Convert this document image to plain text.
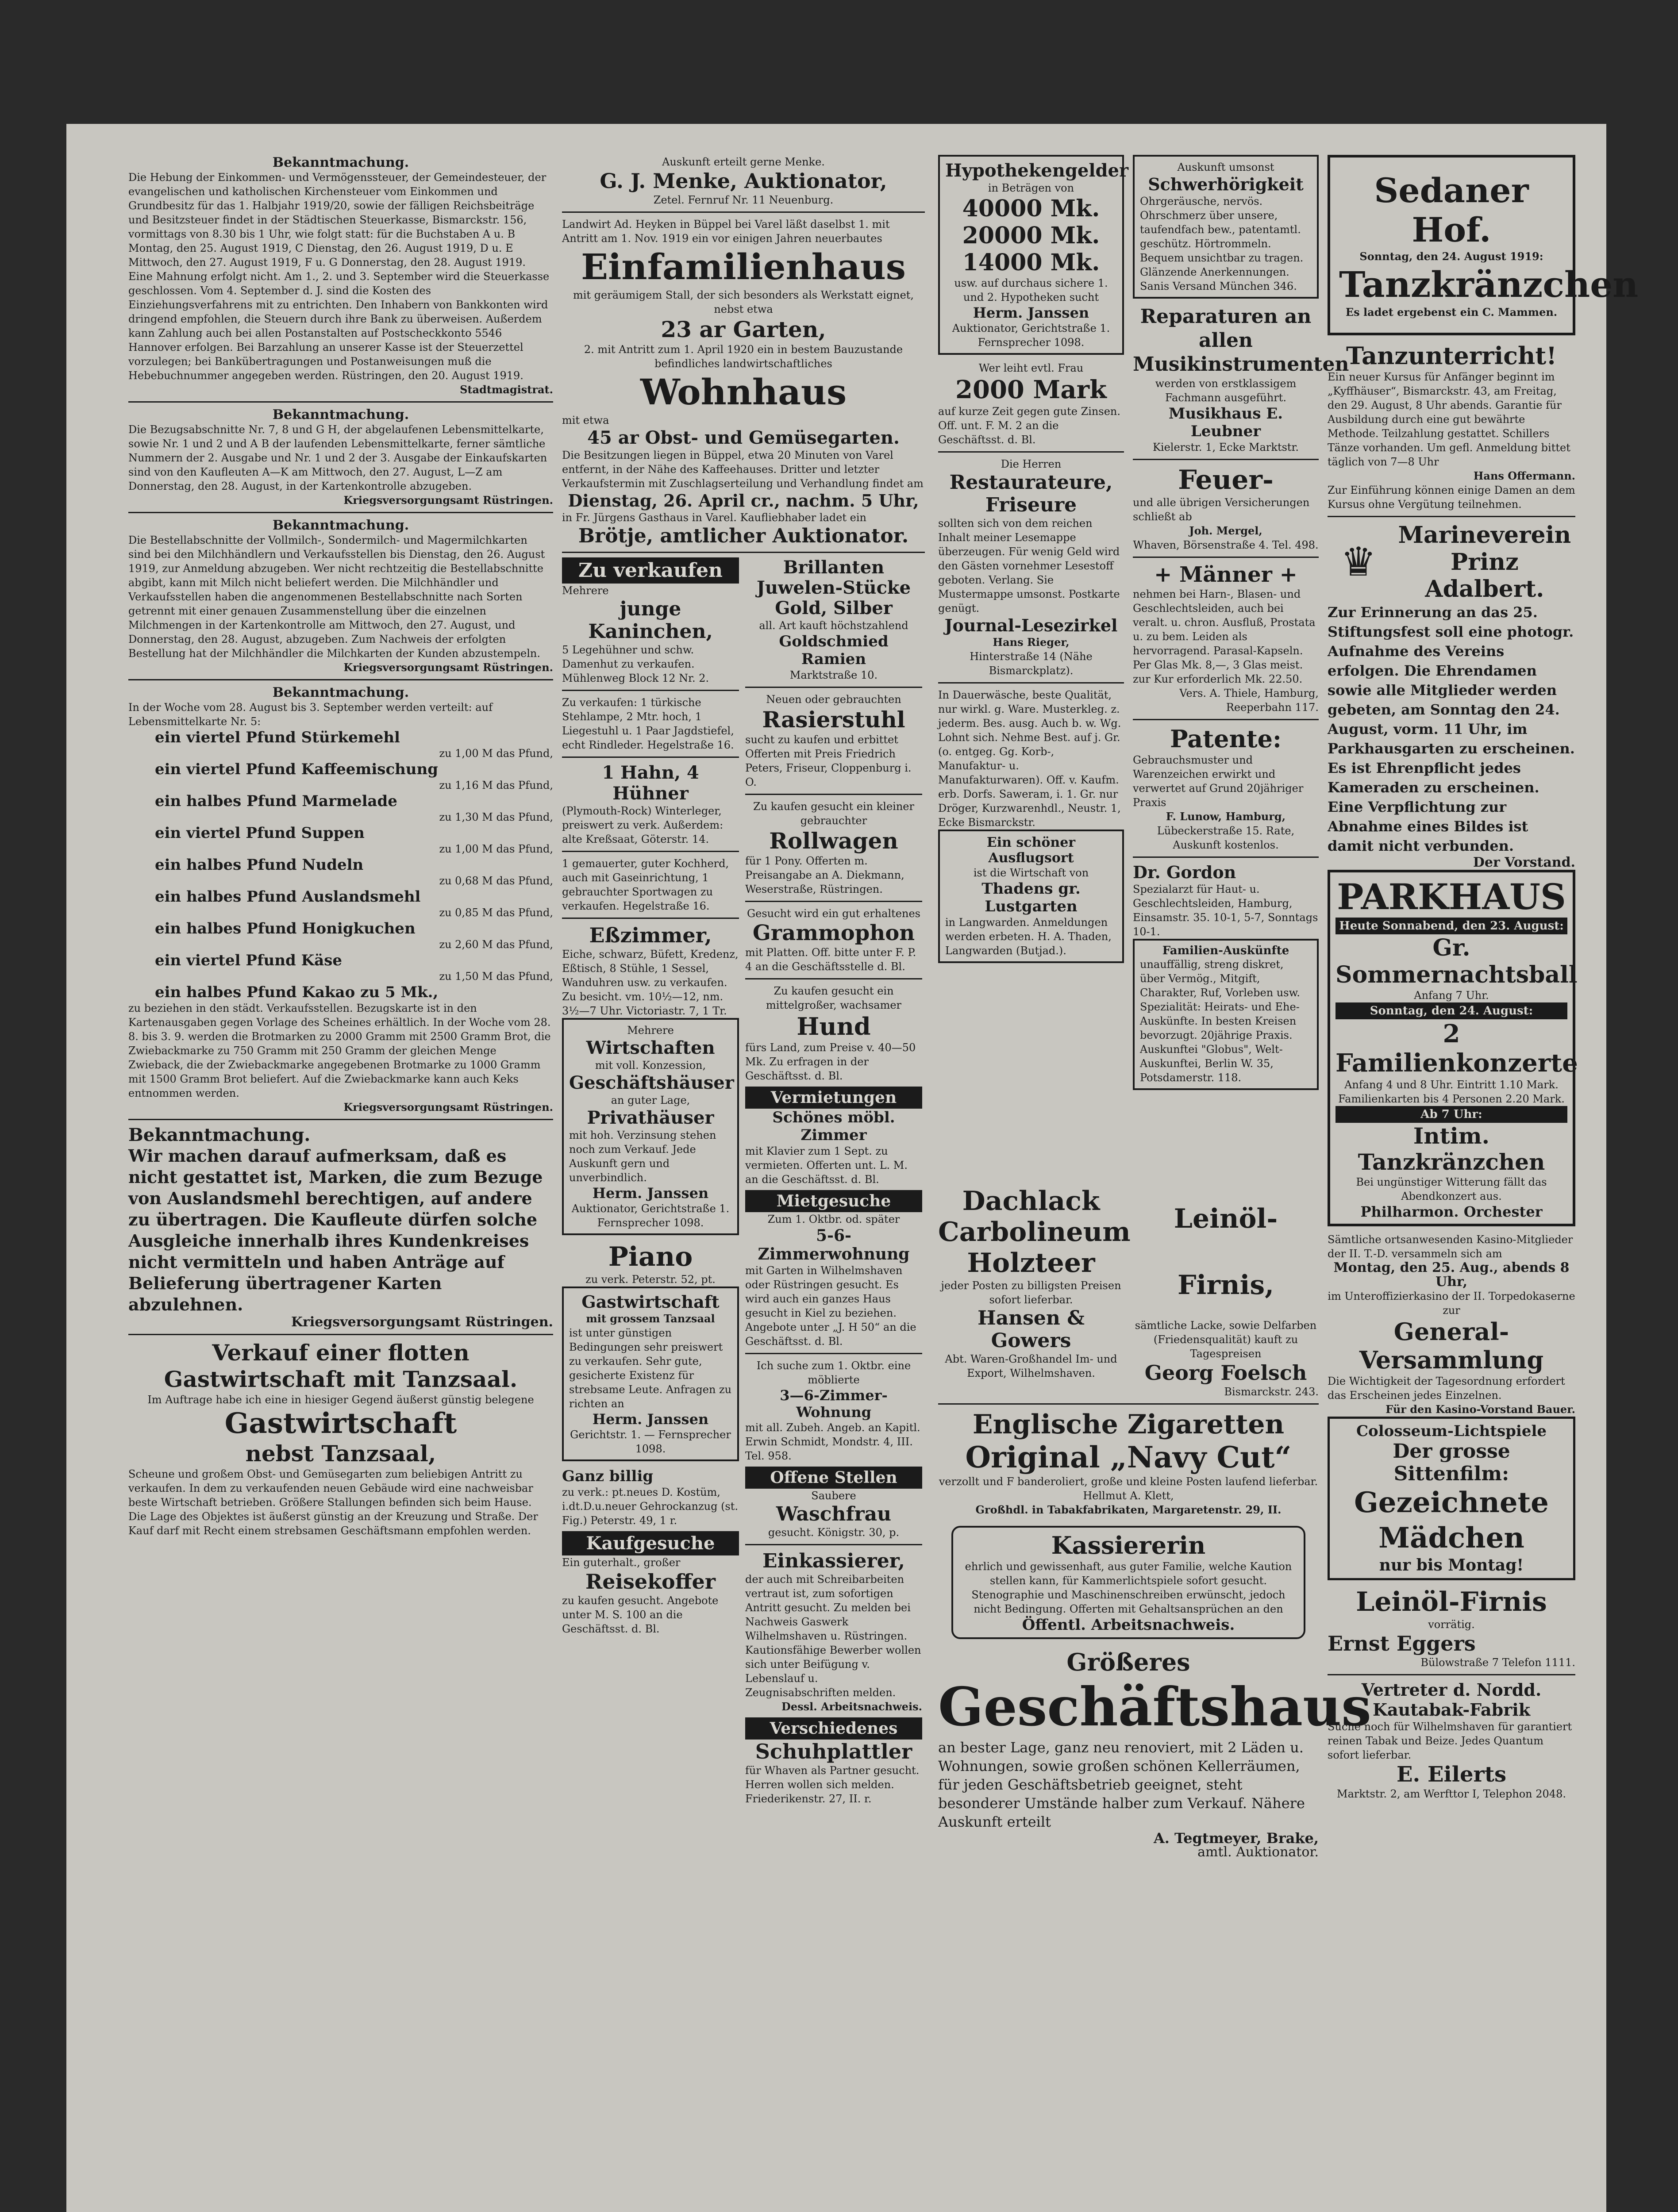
Bekanntmachung.

Die Hebung der Einkommen- und Vermögenssteuer, der Gemeindesteuer, der evangelischen und katholischen Kirchensteuer vom Einkommen und Grundbesitz für das 1. Halbjahr 1919/20, sowie der fälligen Reichsbeiträge und Besitzsteuer findet in der Städtischen Steuerkasse, Bismarckstr. 156, vormittags von 8.30 bis 1 Uhr, wie folgt statt: für die Buchstaben A u. B Montag, den 25. August 1919, C Dienstag, den 26. August 1919, D u. E Mittwoch, den 27. August 1919, F u. G Donnerstag, den 28. August 1919. Eine Mahnung erfolgt nicht. Am 1., 2. und 3. September wird die Steuerkasse geschlossen. Vom 4. September d. J. sind die Kosten des Einziehungsverfahrens mit zu entrichten. Den Inhabern von Bankkonten wird dringend empfohlen, die Steuern durch ihre Bank zu überweisen. Außerdem kann Zahlung auch bei allen Postanstalten auf Postscheckkonto 5546 Hannover erfolgen. Bei Barzahlung an unserer Kasse ist der Steuerzettel vorzulegen; bei Bankübertragungen und Postanweisungen muß die Hebebuchnummer angegeben werden. Rüstringen, den 20. August 1919.

Stadtmagistrat.

Bekanntmachung.

Die Bezugsabschnitte Nr. 7, 8 und G H, der abgelaufenen Lebensmittelkarte, sowie Nr. 1 und 2 und A B der laufenden Lebensmittelkarte, ferner sämtliche Nummern der 2. Ausgabe und Nr. 1 und 2 der 3. Ausgabe der Einkaufskarten sind von den Kaufleuten A—K am Mittwoch, den 27. August, L—Z am Donnerstag, den 28. August, in der Kartenkontrolle abzugeben.

Kriegsversorgungsamt Rüstringen.

Bekanntmachung.

Die Bestellabschnitte der Vollmilch-, Sondermilch- und Magermilchkarten sind bei den Milchhändlern und Verkaufsstellen bis Dienstag, den 26. August 1919, zur Anmeldung abzugeben. Wer nicht rechtzeitig die Bestellabschnitte abgibt, kann mit Milch nicht beliefert werden. Die Milchhändler und Verkaufsstellen haben die angenommenen Bestellabschnitte nach Sorten getrennt mit einer genauen Zusammenstellung über die einzelnen Milchmengen in der Kartenkontrolle am Mittwoch, den 27. August, und Donnerstag, den 28. August, abzugeben. Zum Nachweis der erfolgten Bestellung hat der Milchhändler die Milchkarten der Kunden abzustempeln.

Kriegsversorgungsamt Rüstringen.

Bekanntmachung.

In der Woche vom 28. August bis 3. September werden verteilt: auf Lebensmittelkarte Nr. 5:

ein viertel Pfund Stürkemehl

zu 1,00 M das Pfund,

ein viertel Pfund Kaffeemischung

zu 1,16 M das Pfund,

ein halbes Pfund Marmelade

zu 1,30 M das Pfund,

ein viertel Pfund Suppen

zu 1,00 M das Pfund,

ein halbes Pfund Nudeln

zu 0,68 M das Pfund,

ein halbes Pfund Auslandsmehl

zu 0,85 M das Pfund,

ein halbes Pfund Honigkuchen

zu 2,60 M das Pfund,

ein viertel Pfund Käse

zu 1,50 M das Pfund,

ein halbes Pfund Kakao zu 5 Mk.,

zu beziehen in den städt. Verkaufsstellen. Bezugskarte ist in den Kartenausgaben gegen Vorlage des Scheines erhältlich. In der Woche vom 28. 8. bis 3. 9. werden die Brotmarken zu 2000 Gramm mit 2500 Gramm Brot, die Zwiebackmarke zu 750 Gramm mit 250 Gramm der gleichen Menge Zwieback, die der Zwiebackmarke angegebenen Brotmarke zu 1000 Gramm mit 1500 Gramm Brot beliefert. Auf die Zwiebackmarke kann auch Keks entnommen werden.

Kriegsversorgungsamt Rüstringen.

Bekanntmachung.

Wir machen darauf aufmerksam, daß es nicht gestattet ist, Marken, die zum Bezuge von Auslandsmehl berechtigen, auf andere zu übertragen. Die Kaufleute dürfen solche Ausgleiche innerhalb ihres Kundenkreises nicht vermitteln und haben Anträge auf Belieferung übertragener Karten abzulehnen.

Kriegsversorgungsamt Rüstringen.

Verkauf einer flotten Gastwirtschaft mit Tanzsaal.

Im Auftrage habe ich eine in hiesiger Gegend äußerst günstig belegene

Gastwirtschaft

nebst Tanzsaal,

Scheune und großem Obst- und Gemüsegarten zum beliebigen Antritt zu verkaufen. In dem zu verkaufenden neuen Gebäude wird eine nachweisbar beste Wirtschaft betrieben. Größere Stallungen befinden sich beim Hause. Die Lage des Objektes ist äußerst günstig an der Kreuzung und Straße. Der Kauf darf mit Recht einem strebsamen Geschäftsmann empfohlen werden.

Auskunft erteilt gerne Menke.

G. J. Menke, Auktionator,

Zetel. Fernruf Nr. 11 Neuenburg.

Landwirt Ad. Heyken in Büppel bei Varel läßt daselbst 1. mit Antritt am 1. Nov. 1919 ein vor einigen Jahren neuerbautes

Einfamilienhaus

mit geräumigem Stall, der sich besonders als Werkstatt eignet, nebst etwa

23 ar Garten,

2. mit Antritt zum 1. April 1920 ein in bestem Bauzustande befindliches landwirtschaftliches

Wohnhaus

mit etwa

45 ar Obst- und Gemüsegarten.

Die Besitzungen liegen in Büppel, etwa 20 Minuten von Varel entfernt, in der Nähe des Kaffeehauses. Dritter und letzter Verkaufstermin mit Zuschlagserteilung und Verhandlung findet am

Dienstag, 26. April cr., nachm. 5 Uhr,

in Fr. Jürgens Gasthaus in Varel. Kaufliebhaber ladet ein

Brötje, amtlicher Auktionator.

Zu verkaufen

Mehrere

junge Kaninchen,

5 Legehühner und schw. Damenhut zu verkaufen. Mühlenweg Block 12 Nr. 2.

Zu verkaufen: 1 türkische Stehlampe, 2 Mtr. hoch, 1 Liegestuhl u. 1 Paar Jagdstiefel, echt Rindleder. Hegelstraße 16.

1 Hahn, 4 Hühner

(Plymouth-Rock) Winterleger, preiswert zu verk. Außerdem: alte Kreßsaat, Göterstr. 14.

1 gemauerter, guter Kochherd, auch mit Gaseinrichtung, 1 gebrauchter Sportwagen zu verkaufen. Hegelstraße 16.

Eßzimmer,

Eiche, schwarz, Büfett, Kredenz, Eßtisch, 8 Stühle, 1 Sessel, Wanduhren usw. zu verkaufen. Zu besicht. vm. 10½—12, nm. 3½—7 Uhr. Victoriastr. 7, 1 Tr.

Mehrere

Wirtschaften

mit voll. Konzession,

Geschäftshäuser

an guter Lage,

Privathäuser

mit hoh. Verzinsung stehen noch zum Verkauf. Jede Auskunft gern und unverbindlich.

Herm. Janssen

Auktionator, Gerichtstraße 1. Fernsprecher 1098.

Piano

zu verk. Peterstr. 52, pt.

Gastwirtschaft

mit grossem Tanzsaal

ist unter günstigen Bedingungen sehr preiswert zu verkaufen. Sehr gute, gesicherte Existenz für strebsame Leute. Anfragen zu richten an

Herm. Janssen

Gerichtstr. 1. — Fernsprecher 1098.

Ganz billig

zu verk.: pt.neues D. Kostüm, i.dt.D.u.neuer Gehrockanzug (st. Fig.) Peterstr. 49, 1 r.

Kaufgesuche

Ein guterhalt., großer

Reisekoffer

zu kaufen gesucht. Angebote unter M. S. 100 an die Geschäftsst. d. Bl.

Brillanten Juwelen-Stücke Gold, Silber

all. Art kauft höchstzahlend

Goldschmied Ramien

Marktstraße 10.

Neuen oder gebrauchten

Rasierstuhl

sucht zu kaufen und erbittet Offerten mit Preis Friedrich Peters, Friseur, Cloppenburg i. O.

Zu kaufen gesucht ein kleiner gebrauchter

Rollwagen

für 1 Pony. Offerten m. Preisangabe an A. Diekmann, Weserstraße, Rüstringen.

Gesucht wird ein gut erhaltenes

Grammophon

mit Platten. Off. bitte unter F. P. 4 an die Geschäftsstelle d. Bl.

Zu kaufen gesucht ein mittelgroßer, wachsamer

Hund

fürs Land, zum Preise v. 40—50 Mk. Zu erfragen in der Geschäftsst. d. Bl.

Vermietungen

Schönes möbl. Zimmer

mit Klavier zum 1 Sept. zu vermieten. Offerten unt. L. M. an die Geschäftsst. d. Bl.

Mietgesuche

Zum 1. Oktbr. od. später

5-6-Zimmerwohnung

mit Garten in Wilhelmshaven oder Rüstringen gesucht. Es wird auch ein ganzes Haus gesucht in Kiel zu beziehen. Angebote unter „J. H 50“ an die Geschäftsst. d. Bl.

Ich suche zum 1. Oktbr. eine möblierte

3—6-Zimmer-Wohnung

mit all. Zubeh. Angeb. an Kapitl. Erwin Schmidt, Mondstr. 4, III. Tel. 958.

Offene Stellen

Saubere

Waschfrau

gesucht. Königstr. 30, p.

Einkassierer,

der auch mit Schreibarbeiten vertraut ist, zum sofortigen Antritt gesucht. Zu melden bei Nachweis Gaswerk Wilhelmshaven u. Rüstringen. Kautionsfähige Bewerber wollen sich unter Beifügung v. Lebenslauf u. Zeugnisabschriften melden.

Dessl. Arbeitsnachweis.

Verschiedenes

Schuhplattler

für Whaven als Partner gesucht. Herren wollen sich melden. Friederikenstr. 27, II. r.

Hypothekengelder

in Beträgen von

40000 Mk.

20000 Mk.

14000 Mk.

usw. auf durchaus sichere 1. und 2. Hypotheken sucht

Herm. Janssen

Auktionator, Gerichtstraße 1. Fernsprecher 1098.

Wer leiht evtl. Frau

2000 Mark

auf kurze Zeit gegen gute Zinsen. Off. unt. F. M. 2 an die Geschäftsst. d. Bl.

Die Herren

Restaurateure,

Friseure

sollten sich von dem reichen Inhalt meiner Lesemappe überzeugen. Für wenig Geld wird den Gästen vornehmer Lesestoff geboten. Verlang. Sie Mustermappe umsonst. Postkarte genügt.

Journal-Lesezirkel

Hans Rieger,

Hinterstraße 14 (Nähe Bismarckplatz).

In Dauerwäsche, beste Qualität, nur wirkl. g. Ware. Musterkleg. z. jederm. Bes. ausg. Auch b. w. Wg. Lohnt sich. Nehme Best. auf j. Gr. (o. entgeg. Gg. Korb-, Manufaktur- u. Manufakturwaren). Off. v. Kaufm. erb. Dorfs. Saweram, i. 1. Gr. nur Dröger, Kurzwarenhdl., Neustr. 1, Ecke Bismarckstr.

Ein schöner Ausflugsort

ist die Wirtschaft von

Thadens gr. Lustgarten

in Langwarden. Anmeldungen werden erbeten. H. A. Thaden, Langwarden (Butjad.).

Auskunft umsonst

Schwerhörigkeit

Ohrgeräusche, nervös. Ohrschmerz über unsere, taufendfach bew., patentamtl. geschütz. Hörtrommeln. Bequem unsichtbar zu tragen. Glänzende Anerkennungen. Sanis Versand München 346.

Reparaturen an allen Musikinstrumenten

werden von erstklassigem Fachmann ausgeführt.

Musikhaus E. Leubner

Kielerstr. 1, Ecke Marktstr.

Feuer-

und alle übrigen Versicherungen schließt ab

Joh. Mergel,

Whaven, Börsenstraße 4. Tel. 498.

+ Männer +

nehmen bei Harn-, Blasen- und Geschlechtsleiden, auch bei veralt. u. chron. Ausfluß, Prostata u. zu bem. Leiden als hervorragend. Parasal-Kapseln. Per Glas Mk. 8,—, 3 Glas meist. zur Kur erforderlich Mk. 22.50.

Vers. A. Thiele, Hamburg, Reeperbahn 117.

Patente:

Gebrauchsmuster und Warenzeichen erwirkt und verwertet auf Grund 20jähriger Praxis

F. Lunow, Hamburg,

Lübeckerstraße 15. Rate, Auskunft kostenlos.

Dr. Gordon

Spezialarzt für Haut- u. Geschlechtsleiden, Hamburg, Einsamstr. 35. 10-1, 5-7, Sonntags 10-1.

Familien-Auskünfte

unauffällig, streng diskret, über Vermög., Mitgift, Charakter, Ruf, Vorleben usw. Spezialität: Heirats- und Ehe-Auskünfte. In besten Kreisen bevorzugt. 20jährige Praxis. Auskunftei "Globus", Welt-Auskunftei, Berlin W. 35, Potsdamerstr. 118.

Dachlack

Carbolineum

Holzteer

jeder Posten zu billigsten Preisen sofort lieferbar.

Hansen & Gowers

Abt. Waren-Großhandel Im- und Export, Wilhelmshaven.

Leinöl-Firnis,

sämtliche Lacke, sowie Delfarben (Friedensqualität) kauft zu Tagespreisen

Georg Foelsch

Bismarckstr. 243.

Englische Zigaretten

Original „Navy Cut“

verzollt und F banderoliert, große und kleine Posten laufend lieferbar. Hellmut A. Klett,

Großhdl. in Tabakfabrikaten, Margaretenstr. 29, II.

Kassiererin

ehrlich und gewissenhaft, aus guter Familie, welche Kaution stellen kann, für Kammerlichtspiele sofort gesucht. Stenographie und Maschinenschreiben erwünscht, jedoch nicht Bedingung. Offerten mit Gehaltsansprüchen an den

Öffentl. Arbeitsnachweis.

Größeres

Geschäftshaus

an bester Lage, ganz neu renoviert, mit 2 Läden u. Wohnungen, sowie großen schönen Kellerräumen, für jeden Geschäftsbetrieb geeignet, steht besonderer Umstände halber zum Verkauf. Nähere Auskunft erteilt

A. Tegtmeyer, Brake,

amtl. Auktionator.

Sedaner Hof.

Sonntag, den 24. August 1919:

Tanzkränzchen

Es ladet ergebenst ein C. Mammen.

Tanzunterricht!

Ein neuer Kursus für Anfänger beginnt im „Kyffhäuser“, Bismarckstr. 43, am Freitag, den 29. August, 8 Uhr abends. Garantie für Ausbildung durch eine gut bewährte Methode. Teilzahlung gestattet. Schillers Tänze vorhanden. Um gefl. Anmeldung bittet täglich von 7—8 Uhr

Hans Offermann.

Zur Einführung können einige Damen an dem Kursus ohne Vergütung teilnehmen.

♛

Marineverein

Prinz Adalbert.

Zur Erinnerung an das 25. Stiftungsfest soll eine photogr. Aufnahme des Vereins erfolgen. Die Ehrendamen sowie alle Mitglieder werden gebeten, am Sonntag den 24. August, vorm. 11 Uhr, im Parkhausgarten zu erscheinen. Es ist Ehrenpflicht jedes Kameraden zu erscheinen. Eine Verpflichtung zur Abnahme eines Bildes ist damit nicht verbunden.

Der Vorstand.

PARKHAUS

Heute Sonnabend, den 23. August:

Gr. Sommernachtsball

Anfang 7 Uhr.

Sonntag, den 24. August:

2 Familienkonzerte

Anfang 4 und 8 Uhr. Eintritt 1.10 Mark. Familienkarten bis 4 Personen 2.20 Mark.

Ab 7 Uhr:

Intim. Tanzkränzchen

Bei ungünstiger Witterung fällt das Abendkonzert aus.

Philharmon. Orchester

Sämtliche ortsanwesenden Kasino-Mitglieder der II. T.-D. versammeln sich am

Montag, den 25. Aug., abends 8 Uhr,

im Unteroffizierkasino der II. Torpedokaserne zur

General-Versammlung

Die Wichtigkeit der Tagesordnung erfordert das Erscheinen jedes Einzelnen.

Für den Kasino-Vorstand Bauer.

Colosseum-Lichtspiele

Der grosse Sittenfilm:

Gezeichnete Mädchen

nur bis Montag!

Leinöl-Firnis

vorrätig.

Ernst Eggers

Bülowstraße 7 Telefon 1111.

Vertreter d. Nordd. Kautabak-Fabrik

Suche noch für Wilhelmshaven für garantiert reinen Tabak und Beize. Jedes Quantum sofort lieferbar.

E. Eilerts

Marktstr. 2, am Werfttor I, Telephon 2048.
